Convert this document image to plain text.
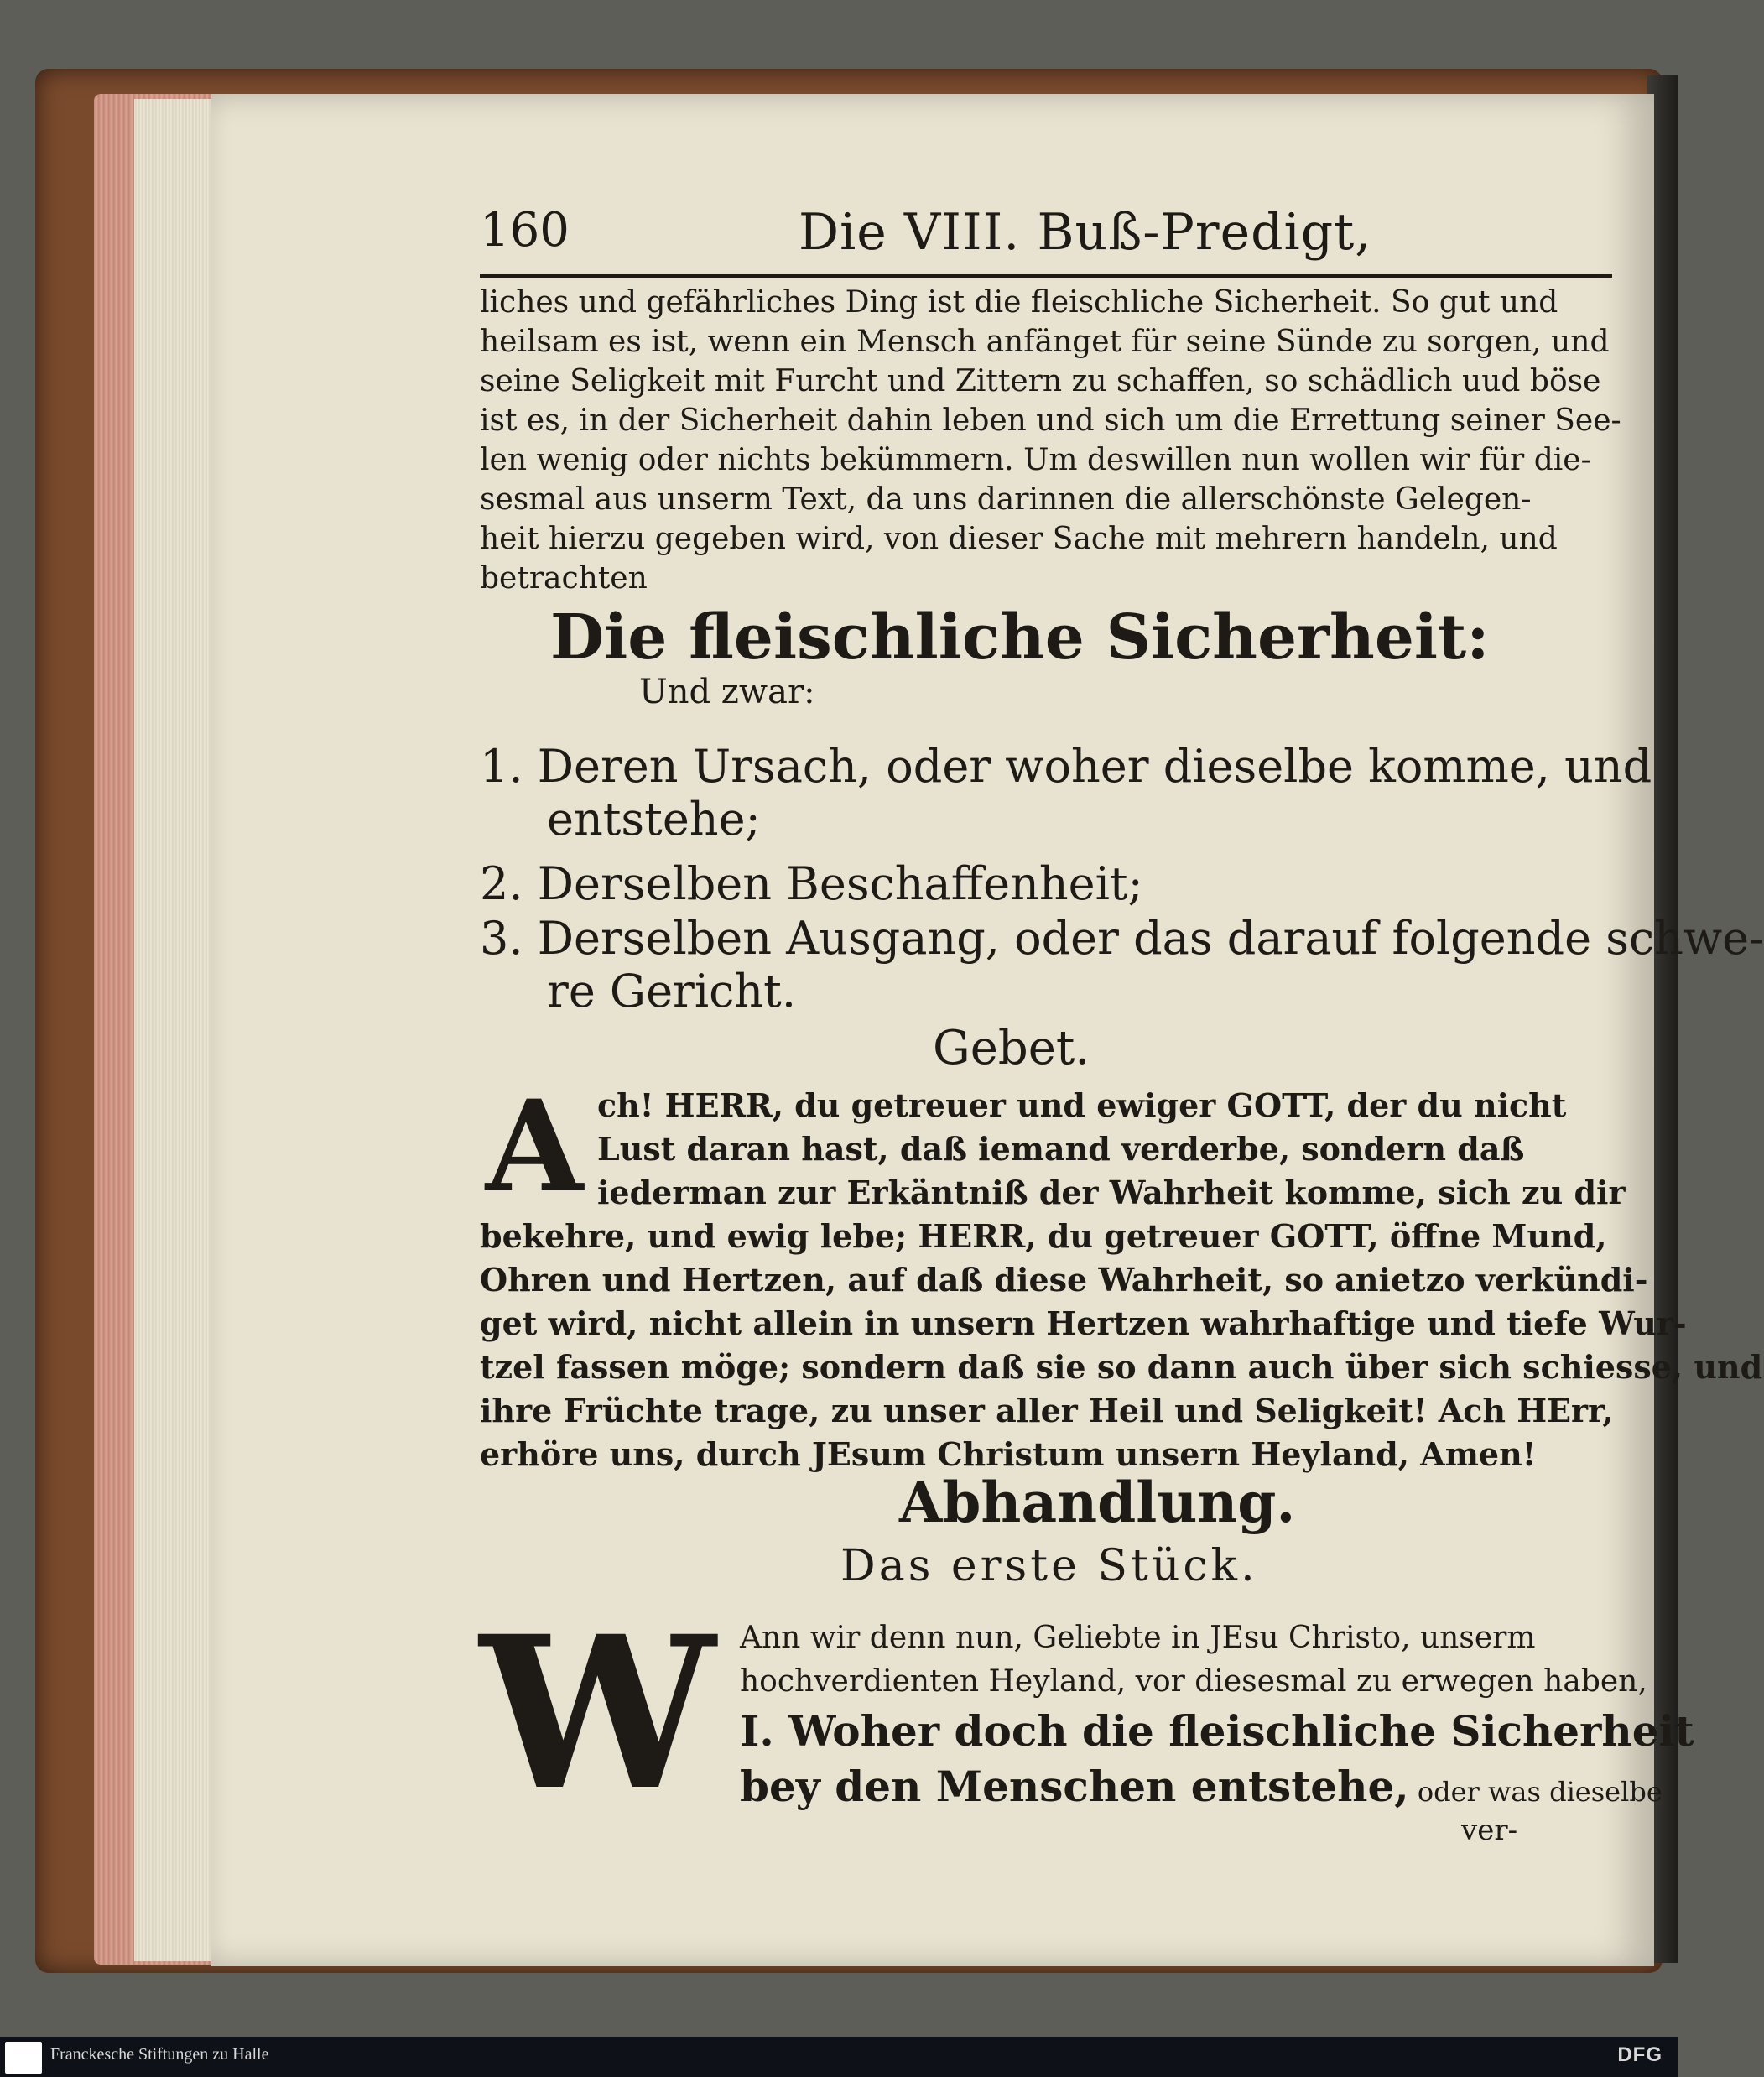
160	Die VIII. Buß-Predigt,
liches und gefährliches Ding ist die fleischliche Sicherheit. So gut und
heilsam es ist, wenn ein Mensch anfänget für seine Sünde zu sorgen, und
seine Seligkeit mit Furcht und Zittern zu schaffen, so schädlich uud böse
ist es, in der Sicherheit dahin leben und sich um die Errettung seiner See-
len wenig oder nichts bekümmern. Um deswillen nun wollen wir für die-
sesmal aus unserm Text, da uns darinnen die allerschönste Gelegen-
heit hierzu gegeben wird, von dieser Sache mit mehrern handeln, und
betrachten
Die fleischliche Sicherheit:
Und zwar:
1. Deren Ursach, oder woher dieselbe komme, und
entstehe;
2. Derselben Beschaffenheit;
3. Derselben Ausgang, oder das darauf folgende schwe-
re Gericht.
Gebet.
A ch! HERR, du getreuer und ewiger GOTT, der du nicht
Lust daran hast, daß iemand verderbe, sondern daß
iederman zur Erkäntniß der Wahrheit komme, sich zu dir
bekehre, und ewig lebe; HERR, du getreuer GOTT, öffne Mund,
Ohren und Hertzen, auf daß diese Wahrheit, so anietzo verkündi-
get wird, nicht allein in unsern Hertzen wahrhaftige und tiefe Wur-
tzel fassen möge; sondern daß sie so dann auch über sich schiesse, und
ihre Früchte trage, zu unser aller Heil und Seligkeit! Ach HErr,
erhöre uns, durch JEsum Christum unsern Heyland, Amen!
Abhandlung.
Das erste Stück.
W Ann wir denn nun, Geliebte in JEsu Christo, unserm
hochverdienten Heyland, vor diesesmal zu erwegen haben,
I. Woher doch die fleischliche Sicherheit
bey den Menschen entstehe, oder was dieselbe
ver-
Franckesche Stiftungen zu Halle	DFG
